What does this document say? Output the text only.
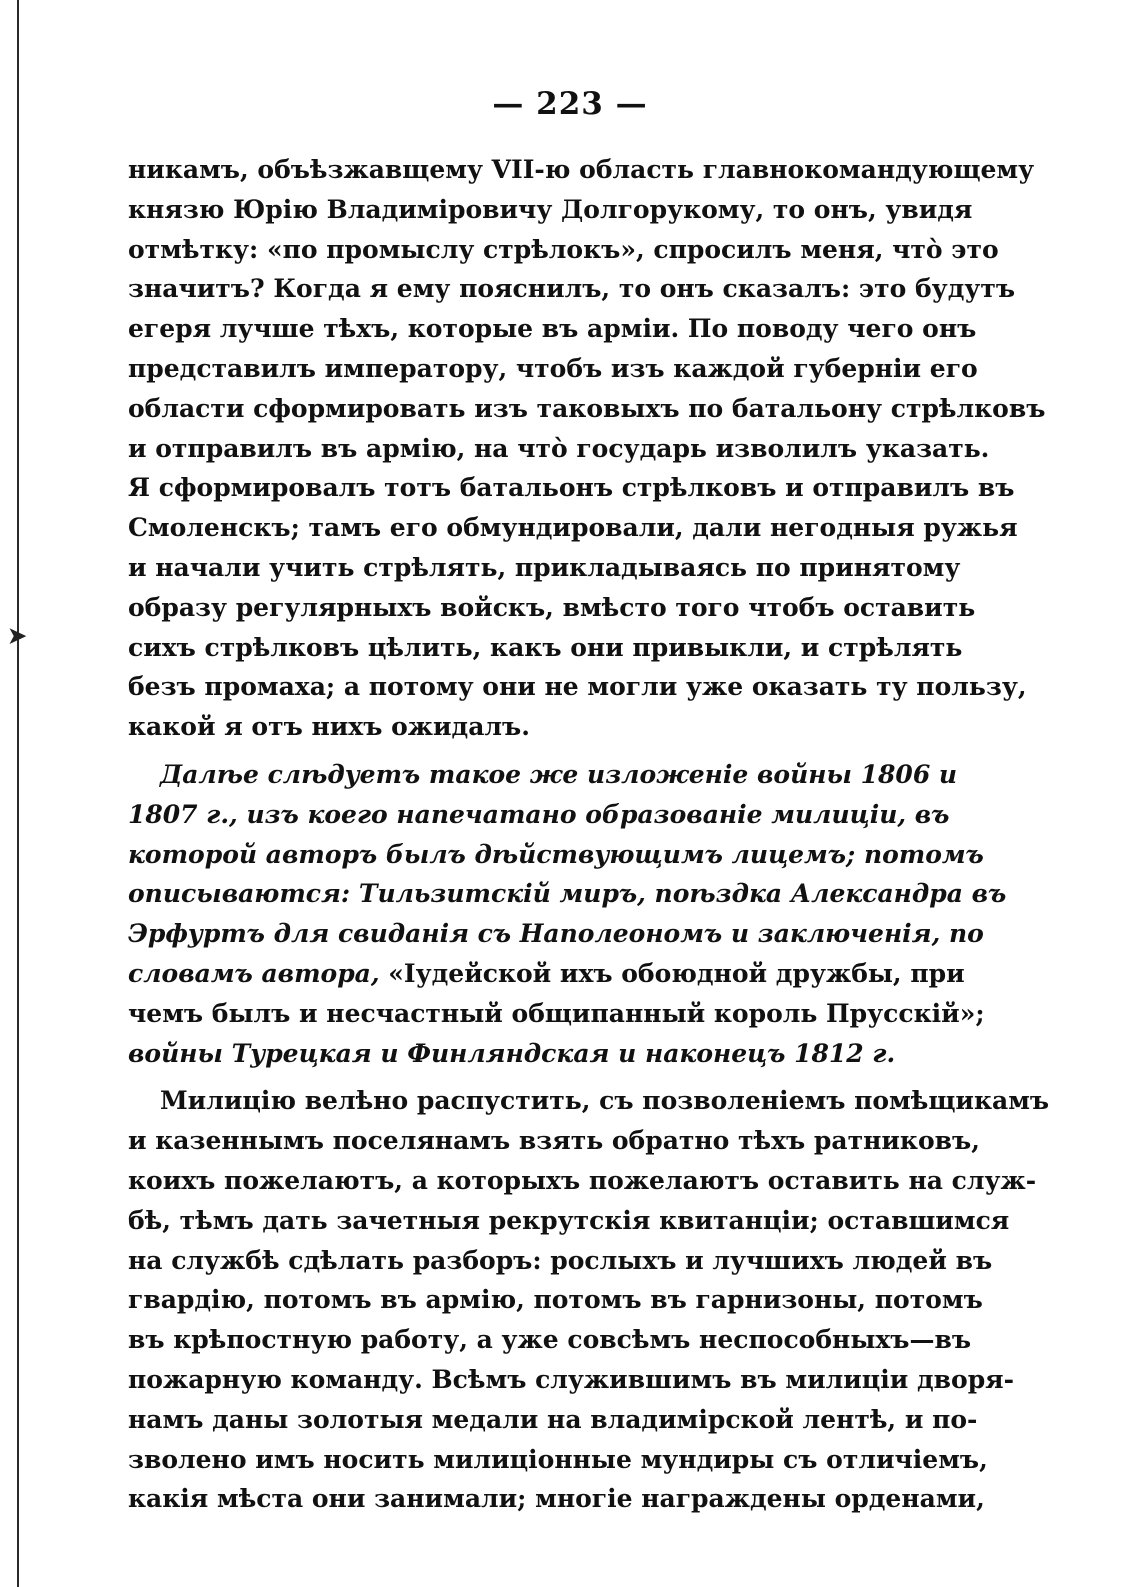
➤
— 223 —
никамъ, объѣзжавщему VII-ю область главнокомандующему
князю Юрію Владиміровичу Долгорукому, то онъ, увидя
отмѣтку: «по промыслу стрѣлокъ», спросилъ меня, что̀ это
значитъ? Когда я ему пояснилъ, то онъ сказалъ: это будутъ
егеря лучше тѣхъ, которые въ арміи. По поводу чего онъ
представилъ императору, чтобъ изъ каждой губерніи его
области сформировать изъ таковыхъ по батальону стрѣлковъ
и отправилъ въ армію, на что̀ государь изволилъ указать.
Я сформировалъ тотъ батальонъ стрѣлковъ и отправилъ въ
Смоленскъ; тамъ его обмундировали, дали негодныя ружья
и начали учить стрѣлять, прикладываясь по принятому
образу регулярныхъ войскъ, вмѣсто того чтобъ оставить
сихъ стрѣлковъ цѣлить, какъ они привыкли, и стрѣлять
безъ промаха; а потому они не могли уже оказать ту пользу,
какой я отъ нихъ ожидалъ.
Далѣе слѣдуетъ такое же изложеніе войны 1806 и
1807 г., изъ коего напечатано образованіе милиціи, въ
которой авторъ былъ дѣйствующимъ лицемъ; потомъ
описываются: Тильзитскій миръ, поѣздка Александра въ
Эрфуртъ для свиданія съ Наполеономъ и заключенія, по
словамъ автора, «Іудейской ихъ обоюдной дружбы, при
чемъ былъ и несчастный общипанный король Прусскій»;
войны Турецкая и Финляндская и наконецъ 1812 г.
Милицію велѣно распустить, съ позволеніемъ помѣщикамъ
и казеннымъ поселянамъ взять обратно тѣхъ ратниковъ,
коихъ пожелаютъ, а которыхъ пожелаютъ оставить на служ-
бѣ, тѣмъ дать зачетныя рекрутскія квитанціи; оставшимся
на службѣ сдѣлать разборъ: рослыхъ и лучшихъ людей въ
гвардію, потомъ въ армію, потомъ въ гарнизоны, потомъ
въ крѣпостную работу, а уже совсѣмъ неспособныхъ—въ
пожарную команду. Всѣмъ служившимъ въ милиціи дворя-
намъ даны золотыя медали на владимірской лентѣ, и по-
зволено имъ носить милиціонные мундиры съ отличіемъ,
какія мѣста они занимали; многіе награждены орденами,
